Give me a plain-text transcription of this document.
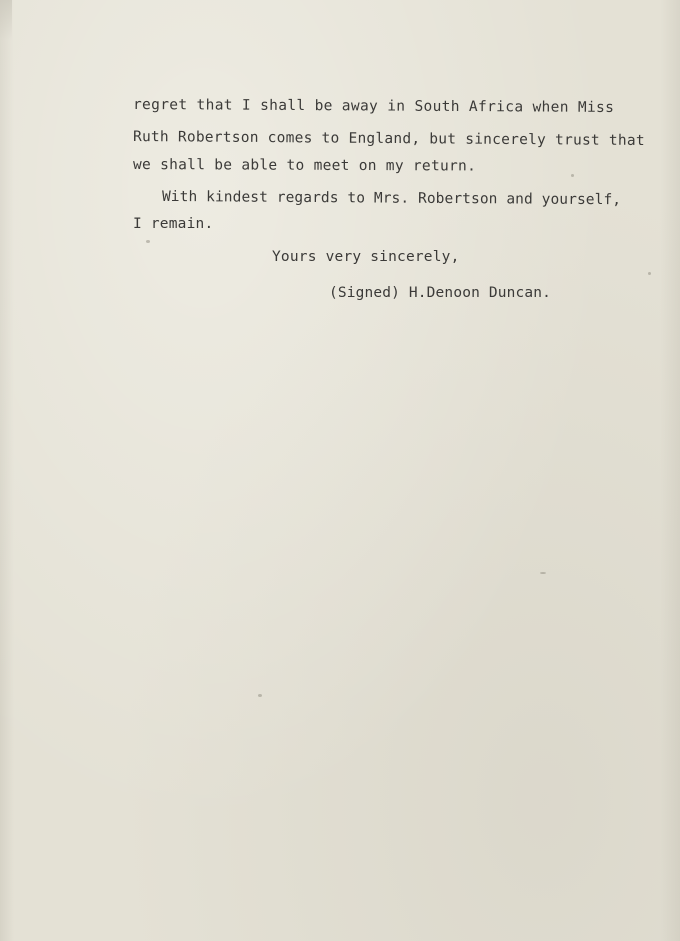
regret that I shall be away in South Africa when Miss
Ruth Robertson comes to England, but sincerely trust that
we shall be able to meet on my return.
With kindest regards to Mrs. Robertson and yourself,
I remain.
Yours very sincerely,
(Signed) H.Denoon Duncan.
